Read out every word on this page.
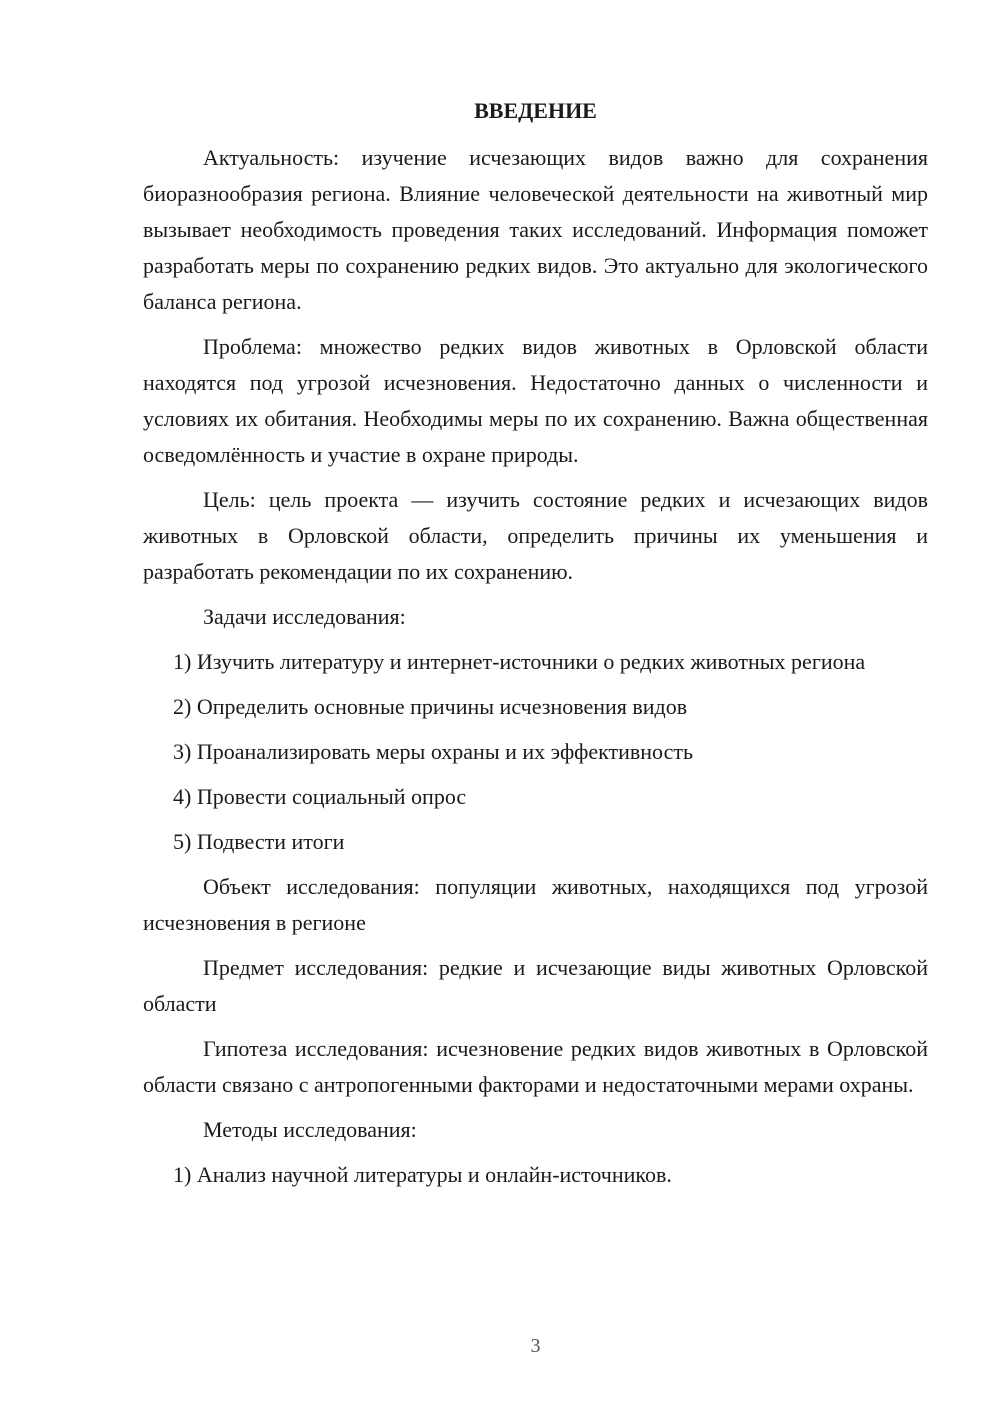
ВВЕДЕНИЕ

Актуальность: изучение исчезающих видов важно для сохранения биоразнообразия региона. Влияние человеческой деятельности на животный мир вызывает необходимость проведения таких исследований. Информация поможет разработать меры по сохранению редких видов. Это актуально для экологического баланса региона.

Проблема: множество редких видов животных в Орловской области находятся под угрозой исчезновения. Недостаточно данных о численности и условиях их обитания. Необходимы меры по их сохранению. Важна общественная осведомлённость и участие в охране природы.

Цель: цель проекта — изучить состояние редких и исчезающих видов животных в Орловской области, определить причины их уменьшения и разработать рекомендации по их сохранению.

Задачи исследования:

1) Изучить литературу и интернет-источники о редких животных региона

2) Определить основные причины исчезновения видов

3) Проанализировать меры охраны и их эффективность

4) Провести социальный опрос

5) Подвести итоги

Объект исследования: популяции животных, находящихся под угрозой исчезновения в регионе

Предмет исследования: редкие и исчезающие виды животных Орловской области

Гипотеза исследования: исчезновение редких видов животных в Орловской области связано с антропогенными факторами и недостаточными мерами охраны.

Методы исследования:

1) Анализ научной литературы и онлайн-источников.

3
